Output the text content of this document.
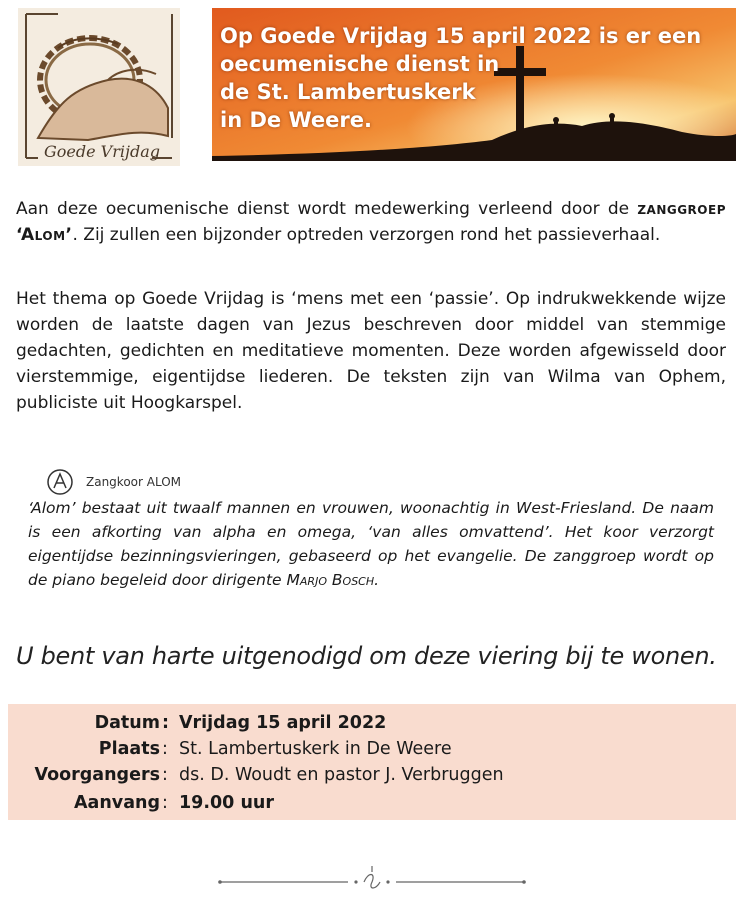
Goede Vrijdag
Op Goede Vrijdag 15 april 2022 is er een
oecumenische dienst in
de St. Lambertuskerk
in De Weere.

Aan deze oecumenische dienst wordt medewerking verleend door de zanggroep ‘Alom’. Zij zullen een bijzonder optreden verzorgen rond het passieverhaal.

Het thema op Goede Vrijdag is ‘mens met een ‘passie’. Op indrukwekkende wijze worden de laatste dagen van Jezus beschreven door middel van stemmige gedachten, gedichten en meditatieve momenten. Deze worden afgewisseld door vierstemmige, eigentijdse liederen. De teksten zijn van Wilma van Ophem, publiciste uit Hoogkarspel.

Zangkoor ALOM

‘Alom’ bestaat uit twaalf mannen en vrouwen, woonachtig in West-Friesland. De naam is een afkorting van alpha en omega, ‘van alles omvattend’. Het koor verzorgt eigentijdse bezinningsvieringen, gebaseerd op het evangelie. De zanggroep wordt op de piano begeleid door dirigente Marjo Bosch.

U bent van harte uitgenodigd om deze viering bij te wonen.
Datum : Vrijdag 15 april 2022
Plaats : St. Lambertuskerk in De Weere
Voorgangers : ds. D. Woudt en pastor J. Verbruggen
Aanvang : 19.00 uur
